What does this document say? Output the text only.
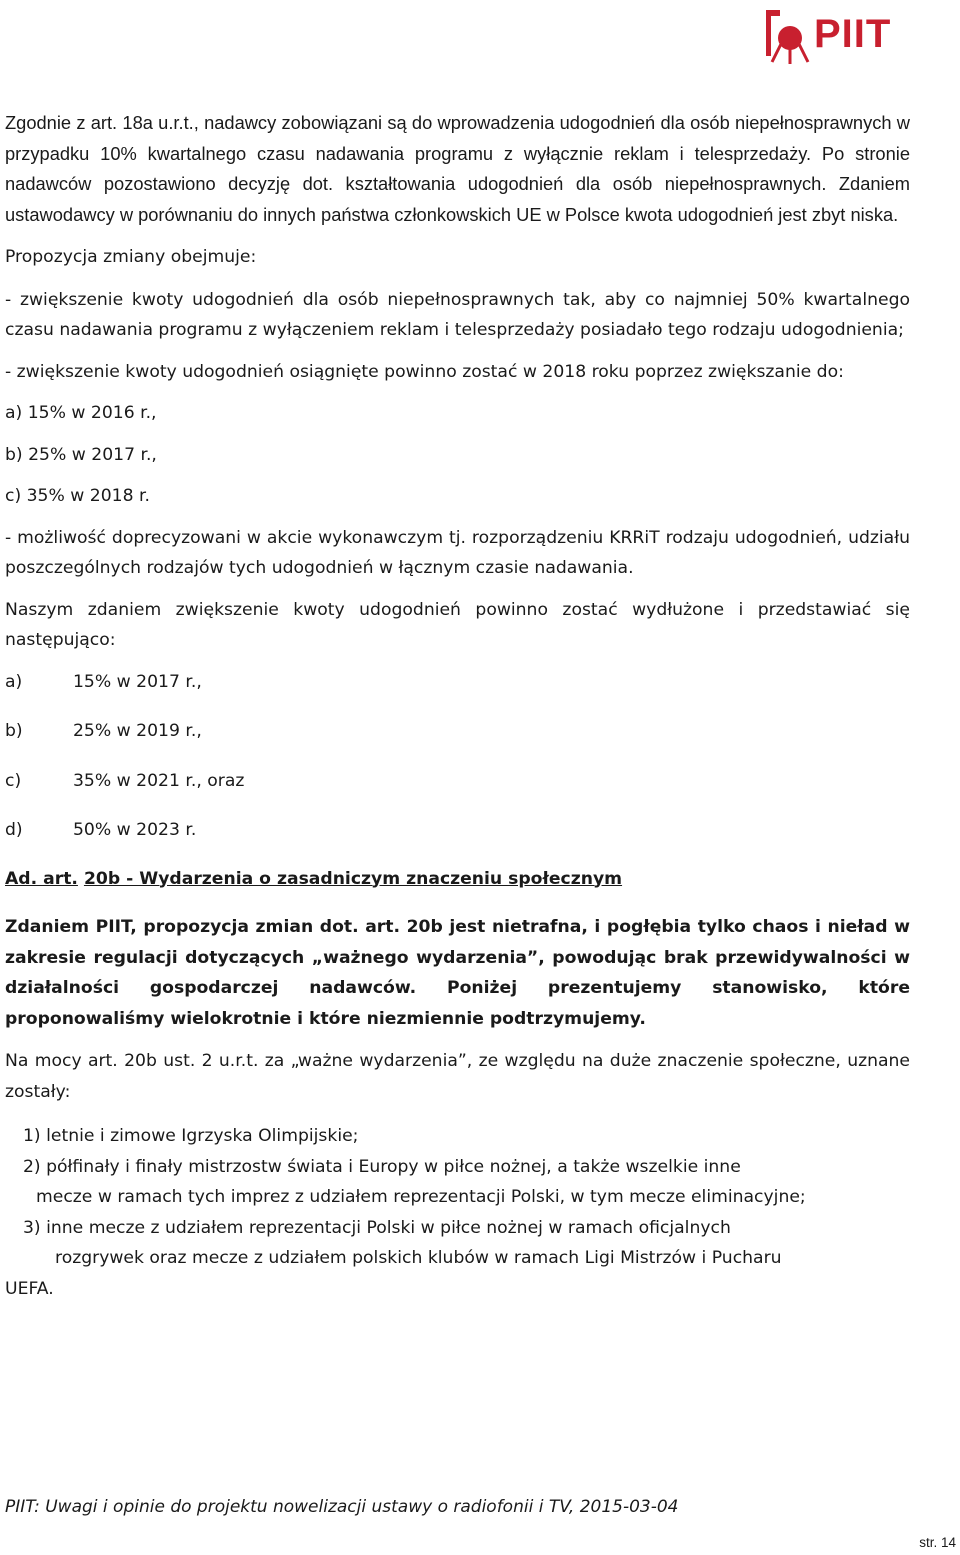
PIIT

Zgodnie z art. 18a u.r.t., nadawcy zobowiązani są do wprowadzenia udogodnień dla osób niepełnosprawnych w przypadku 10% kwartalnego czasu nadawania programu z wyłącznie reklam i telesprzedaży. Po stronie nadawców pozostawiono decyzję dot. kształtowania udogodnień dla osób niepełnosprawnych. Zdaniem ustawodawcy w porównaniu do innych państwa członkowskich UE w Polsce kwota udogodnień jest zbyt niska.

Propozycja zmiany obejmuje:

- zwiększenie kwoty udogodnień dla osób niepełnosprawnych tak, aby co najmniej 50% kwartalnego czasu nadawania programu z wyłączeniem reklam i telesprzedaży posiadało tego rodzaju udogodnienia;

- zwiększenie kwoty udogodnień osiągnięte powinno zostać w 2018 roku poprzez zwiększanie do:

a) 15% w 2016 r.,

b) 25% w 2017 r.,

c) 35% w 2018 r.

- możliwość doprecyzowani w akcie wykonawczym tj. rozporządzeniu KRRiT rodzaju udogodnień, udziału poszczególnych rodzajów tych udogodnień w łącznym czasie nadawania.

Naszym zdaniem zwiększenie kwoty udogodnień powinno zostać wydłużone i przedstawiać się następująco:

a)	15% w 2017 r.,
b)	25% w 2019 r.,
c)	35% w 2021 r., oraz
d)	50% w 2023 r.

Ad. art. 20b - Wydarzenia o zasadniczym znaczeniu społecznym

Zdaniem PIIT, propozycja zmian dot. art. 20b jest nietrafna, i pogłębia tylko chaos i nieład w zakresie regulacji dotyczących „ważnego wydarzenia”, powodując brak przewidywalności w działalności gospodarczej nadawców. Poniżej prezentujemy stanowisko, które proponowaliśmy wielokrotnie i które niezmiennie podtrzymujemy.

Na mocy art. 20b ust. 2 u.r.t. za „ważne wydarzenia”, ze względu na duże znaczenie społeczne, uznane zostały:

1) letnie i zimowe Igrzyska Olimpijskie;

2) półfinały i finały mistrzostw świata i Europy w piłce nożnej, a także wszelkie inne

mecze w ramach tych imprez z udziałem reprezentacji Polski, w tym mecze eliminacyjne;

3) inne mecze z udziałem reprezentacji Polski w piłce nożnej w ramach oficjalnych

rozgrywek oraz mecze z udziałem polskich klubów w ramach Ligi Mistrzów i Pucharu

UEFA.

PIIT: Uwagi i opinie do projektu nowelizacji ustawy o radiofonii i TV, 2015-03-04
str. 14
